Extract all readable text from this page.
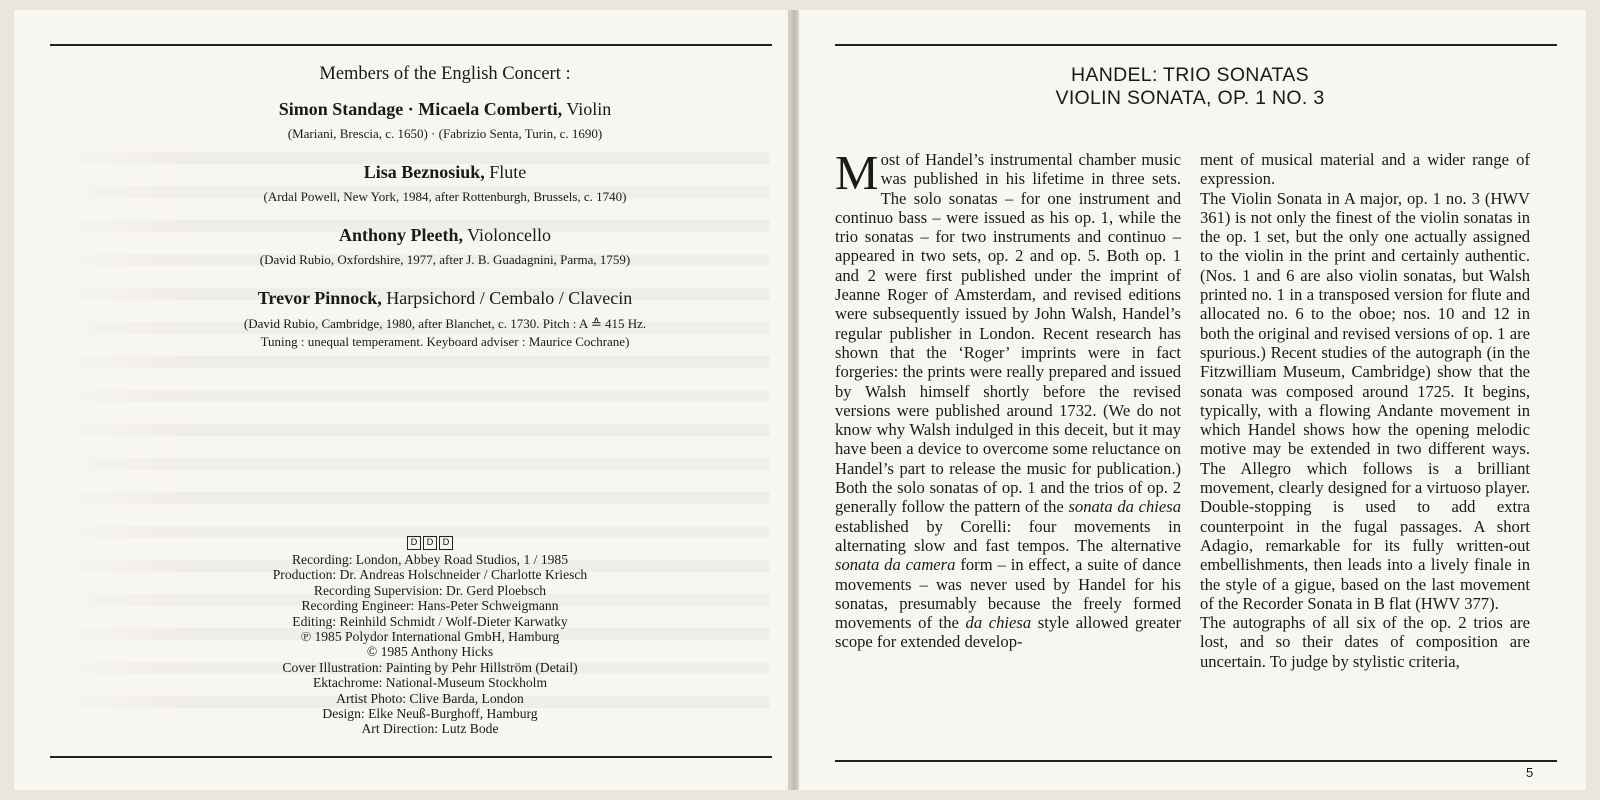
Members of the English Concert :

Simon Standage · Micaela Comberti, Violin

(Mariani, Brescia, c. 1650) · (Fabrizio Senta, Turin, c. 1690)

Lisa Beznosiuk, Flute

(Ardal Powell, New York, 1984, after Rottenburgh, Brussels, c. 1740)

Anthony Pleeth, Violoncello

(David Rubio, Oxfordshire, 1977, after J. B. Guadagnini, Parma, 1759)

Trevor Pinnock, Harpsichord / Cembalo / Clavecin

(David Rubio, Cambridge, 1980, after Blanchet, c. 1730. Pitch : A ≙ 415 Hz.
Tuning : unequal temperament. Keyboard adviser : Maurice Cochrane)

D D D

Recording: London, Abbey Road Studios, 1 / 1985

Production: Dr. Andreas Holschneider / Charlotte Kriesch

Recording Supervision: Dr. Gerd Ploebsch

Recording Engineer: Hans-Peter Schweigmann

Editing: Reinhild Schmidt / Wolf-Dieter Karwatky

℗ 1985 Polydor International GmbH, Hamburg

© 1985 Anthony Hicks

Cover Illustration: Painting by Pehr Hillström (Detail)

Ektachrome: National-Museum Stockholm

Artist Photo: Clive Barda, London

Design: Elke Neuß-Burghoff, Hamburg

Art Direction: Lutz Bode

HANDEL: TRIO SONATAS
VIOLIN SONATA, OP. 1 NO. 3

Most of Handel’s instrumental chamber music was published in his lifetime in three sets. The solo sonatas – for one instrument and continuo bass – were issued as his op. 1, while the trio sonatas – for two instruments and continuo – appeared in two sets, op. 2 and op. 5. Both op. 1 and 2 were first published under the imprint of Jeanne Roger of Amsterdam, and revised editions were subsequently issued by John Walsh, Handel’s regular publisher in London. Recent research has shown that the ‘Roger’ imprints were in fact forgeries: the prints were really prepared and issued by Walsh himself shortly before the revised versions were published around 1732. (We do not know why Walsh indulged in this deceit, but it may have been a device to overcome some reluctance on Handel’s part to release the music for publication.) Both the solo sonatas of op. 1 and the trios of op. 2 generally follow the pattern of the sonata da chiesa established by Corelli: four movements in alternating slow and fast tempos. The alternative sonata da camera form – in effect, a suite of dance movements – was never used by Handel for his sonatas, presumably because the freely formed movements of the da chiesa style allowed greater scope for extended develop-

ment of musical material and a wider range of expression.

The Violin Sonata in A major, op. 1 no. 3 (HWV 361) is not only the finest of the violin sonatas in the op. 1 set, but the only one actually assigned to the violin in the print and certainly authentic. (Nos. 1 and 6 are also violin sonatas, but Walsh printed no. 1 in a transposed version for flute and allocated no. 6 to the oboe; nos. 10 and 12 in both the original and revised versions of op. 1 are spurious.) Recent studies of the autograph (in the Fitzwilliam Museum, Cambridge) show that the sonata was composed around 1725. It begins, typically, with a flowing Andante movement in which Handel shows how the opening melodic motive may be extended in two different ways. The Allegro which follows is a brilliant movement, clearly designed for a virtuoso player. Double-stopping is used to add extra counterpoint in the fugal passages. A short Adagio, remarkable for its fully written-out embellishments, then leads into a lively finale in the style of a gigue, based on the last movement of the Recorder Sonata in B flat (HWV 377).

The autographs of all six of the op. 2 trios are lost, and so their dates of composition are uncertain. To judge by stylistic criteria,

5
